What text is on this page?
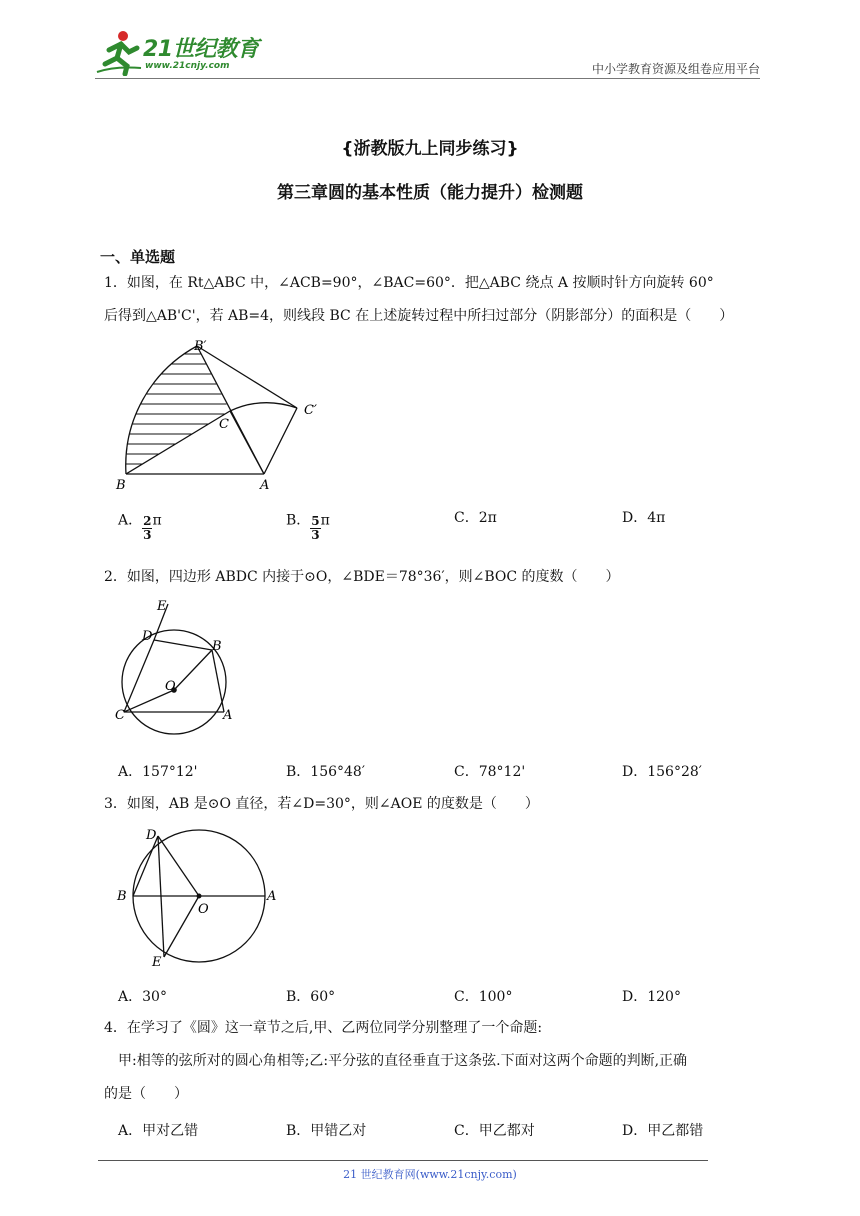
21世纪教育
www.21cnjy.com	中小学教育资源及组卷应用平台
{浙教版九上同步练习}
第三章圆的基本性质（能力提升）检测题
一、单选题
1．如图，在 Rt△ABC 中，∠ACB=90°，∠BAC=60°．把△ABC 绕点 A 按顺时针方向旋转 60°
后得到△AB'C'，若 AB=4，则线段 BC 在上述旋转过程中所扫过部分（阴影部分）的面积是（　　）
B′
C′
C
B	A
A． $\frac{2}{3}$ π	B． $\frac{5}{3}$ π	C．2π	D．4π
2．如图，四边形 ABDC 内接于⊙O，∠BDE＝78°36′，则∠BOC 的度数（　　）
E
D
B
O
C	A
A．157°12'	B．156°48′	C．78°12'	D．156°28′
3．如图，AB 是⊙O 直径，若∠D=30°，则∠AOE 的度数是（　　）
D
B
O
A
E
A．30°	B．60°	C．100°	D．120°
4．在学习了《圆》这一章节之后,甲、乙两位同学分别整理了一个命题:
甲:相等的弦所对的圆心角相等;乙:平分弦的直径垂直于这条弦.下面对这两个命题的判断,正确
的是（　　）
A．甲对乙错	B．甲错乙对	C．甲乙都对	D．甲乙都错
21 世纪教育网(www.21cnjy.com)
